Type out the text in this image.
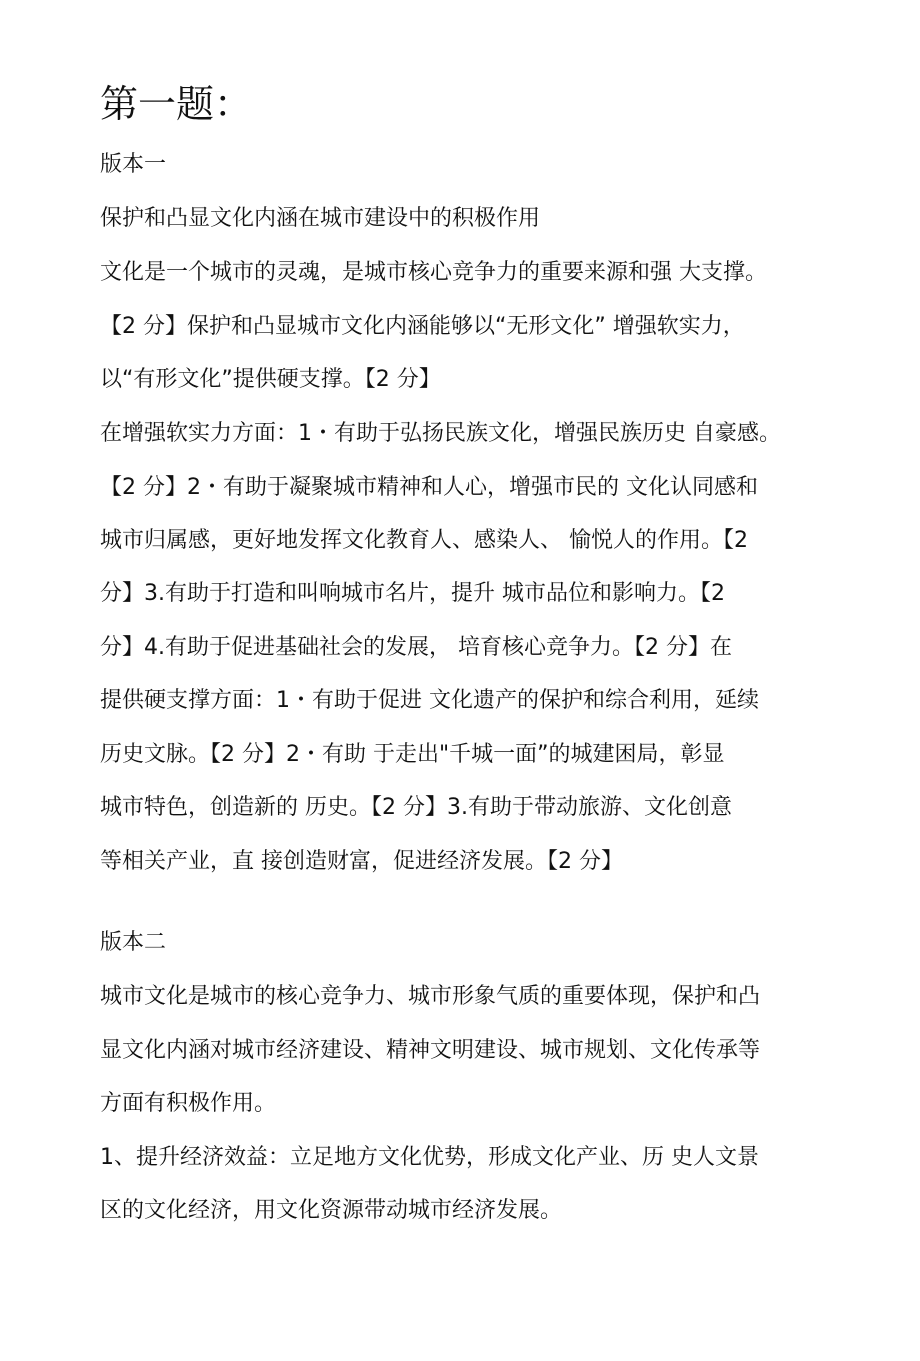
第一题：

版本一

保护和凸显文化内涵在城市建设中的积极作用

文化是一个城市的灵魂，是城市核心竞争力的重要来源和强 大支撑。

【2 分】保护和凸显城市文化内涵能够以“无形文化” 增强软实力，

以“有形文化”提供硬支撑。【2 分】

在增强软实力方面：1・有助于弘扬民族文化，增强民族历史 自豪感。

【2 分】2・有助于凝聚城市精神和人心，增强市民的 文化认同感和

城市归属感，更好地发挥文化教育人、感染人、 愉悦人的作用。【2

分】3.有助于打造和叫响城市名片，提升 城市品位和影响力。【2

分】4.有助于促进基础社会的发展， 培育核心竞争力。【2 分】在

提供硬支撑方面：1・有助于促进 文化遗产的保护和综合利用，延续

历史文脉。【2 分】2・有助 于走出"千城一面”的城建困局，彰显

城市特色，创造新的 历史。【2 分】3.有助于带动旅游、文化创意

等相关产业，直 接创造财富，促进经济发展。【2 分】

版本二

城市文化是城市的核心竞争力、城市形象气质的重要体现，保护和凸

显文化内涵对城市经济建设、精神文明建设、城市规划、文化传承等

方面有积极作用。

1、提升经济效益：立足地方文化优势，形成文化产业、历 史人文景

区的文化经济，用文化资源带动城市经济发展。
